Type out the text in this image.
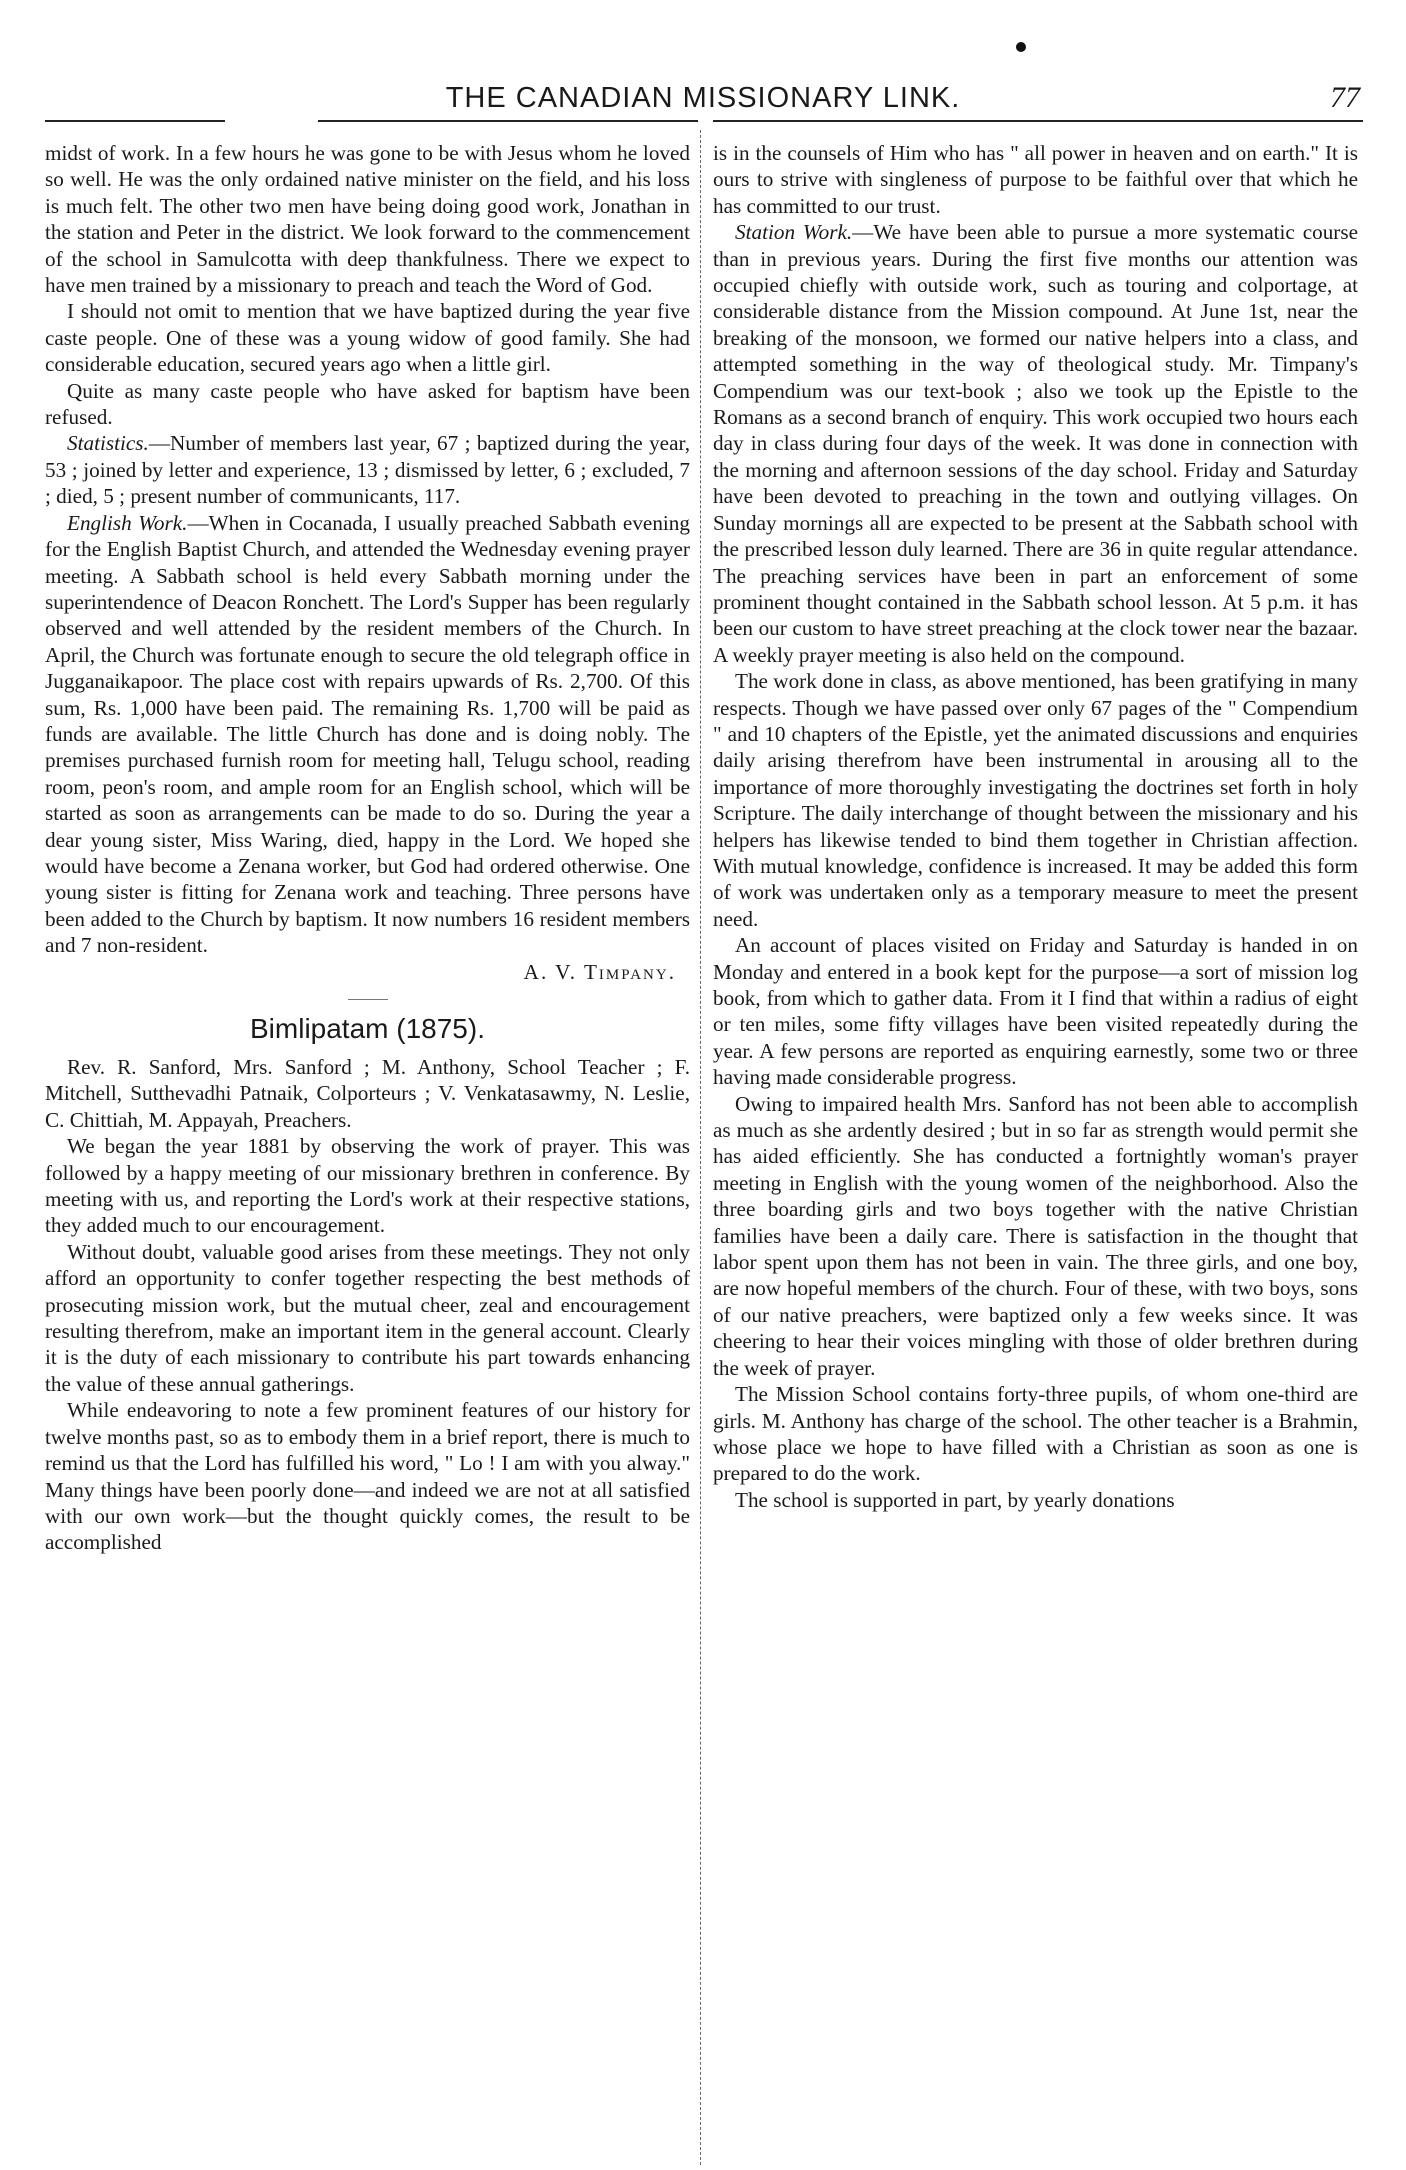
THE CANADIAN MISSIONARY LINK.	77

midst of work. In a few hours he was gone to be with Jesus whom he loved so well. He was the only ordained native minister on the field, and his loss is much felt. The other two men have being doing good work, Jonathan in the station and Peter in the district. We look forward to the commencement of the school in Samulcotta with deep thankfulness. There we expect to have men trained by a missionary to preach and teach the Word of God.

I should not omit to mention that we have baptized during the year five caste people. One of these was a young widow of good family. She had considerable education, secured years ago when a little girl.

Quite as many caste people who have asked for baptism have been refused.

Statistics.—Number of members last year, 67 ; baptized during the year, 53 ; joined by letter and experience, 13 ; dismissed by letter, 6 ; excluded, 7 ; died, 5 ; present number of communicants, 117.

English Work.—When in Cocanada, I usually preached Sabbath evening for the English Baptist Church, and attended the Wednesday evening prayer meeting. A Sabbath school is held every Sabbath morning under the superintendence of Deacon Ronchett. The Lord's Supper has been regularly observed and well attended by the resident members of the Church. In April, the Church was fortunate enough to secure the old telegraph office in Jugganaikapoor. The place cost with repairs upwards of Rs. 2,700. Of this sum, Rs. 1,000 have been paid. The remaining Rs. 1,700 will be paid as funds are available. The little Church has done and is doing nobly. The premises purchased furnish room for meeting hall, Telugu school, reading room, peon's room, and ample room for an English school, which will be started as soon as arrangements can be made to do so. During the year a dear young sister, Miss Waring, died, happy in the Lord. We hoped she would have become a Zenana worker, but God had ordered otherwise. One young sister is fitting for Zenana work and teaching. Three persons have been added to the Church by baptism. It now numbers 16 resident members and 7 non-resident.

A. V. Timpany.

Bimlipatam (1875).

Rev. R. Sanford, Mrs. Sanford ; M. Anthony, School Teacher ; F. Mitchell, Sutthevadhi Patnaik, Colporteurs ; V. Venkatasawmy, N. Leslie, C. Chittiah, M. Appayah, Preachers.

We began the year 1881 by observing the work of prayer. This was followed by a happy meeting of our missionary brethren in conference. By meeting with us, and reporting the Lord's work at their respective stations, they added much to our encouragement.

Without doubt, valuable good arises from these meetings. They not only afford an opportunity to confer together respecting the best methods of prosecuting mission work, but the mutual cheer, zeal and encouragement resulting therefrom, make an important item in the general account. Clearly it is the duty of each missionary to contribute his part towards enhancing the value of these annual gatherings.

While endeavoring to note a few prominent features of our history for twelve months past, so as to embody them in a brief report, there is much to remind us that the Lord has fulfilled his word, " Lo ! I am with you alway." Many things have been poorly done—and indeed we are not at all satisfied with our own work—but the thought quickly comes, the result to be accomplished

is in the counsels of Him who has " all power in heaven and on earth." It is ours to strive with singleness of purpose to be faithful over that which he has committed to our trust.

Station Work.—We have been able to pursue a more systematic course than in previous years. During the first five months our attention was occupied chiefly with outside work, such as touring and colportage, at considerable distance from the Mission compound. At June 1st, near the breaking of the monsoon, we formed our native helpers into a class, and attempted something in the way of theological study. Mr. Timpany's Compendium was our text-book ; also we took up the Epistle to the Romans as a second branch of enquiry. This work occupied two hours each day in class during four days of the week. It was done in connection with the morning and afternoon sessions of the day school. Friday and Saturday have been devoted to preaching in the town and outlying villages. On Sunday mornings all are expected to be present at the Sabbath school with the prescribed lesson duly learned. There are 36 in quite regular attendance. The preaching services have been in part an enforcement of some prominent thought contained in the Sabbath school lesson. At 5 p.m. it has been our custom to have street preaching at the clock tower near the bazaar. A weekly prayer meeting is also held on the compound.

The work done in class, as above mentioned, has been gratifying in many respects. Though we have passed over only 67 pages of the " Compendium " and 10 chapters of the Epistle, yet the animated discussions and enquiries daily arising therefrom have been instrumental in arousing all to the importance of more thoroughly investigating the doctrines set forth in holy Scripture. The daily interchange of thought between the missionary and his helpers has likewise tended to bind them together in Christian affection. With mutual knowledge, confidence is increased. It may be added this form of work was undertaken only as a temporary measure to meet the present need.

An account of places visited on Friday and Saturday is handed in on Monday and entered in a book kept for the purpose—a sort of mission log book, from which to gather data. From it I find that within a radius of eight or ten miles, some fifty villages have been visited repeatedly during the year. A few persons are reported as enquiring earnestly, some two or three having made considerable progress.

Owing to impaired health Mrs. Sanford has not been able to accomplish as much as she ardently desired ; but in so far as strength would permit she has aided efficiently. She has conducted a fortnightly woman's prayer meeting in English with the young women of the neighborhood. Also the three boarding girls and two boys together with the native Christian families have been a daily care. There is satisfaction in the thought that labor spent upon them has not been in vain. The three girls, and one boy, are now hopeful members of the church. Four of these, with two boys, sons of our native preachers, were baptized only a few weeks since. It was cheering to hear their voices mingling with those of older brethren during the week of prayer.

The Mission School contains forty-three pupils, of whom one-third are girls. M. Anthony has charge of the school. The other teacher is a Brahmin, whose place we hope to have filled with a Christian as soon as one is prepared to do the work.

The school is supported in part, by yearly donations
